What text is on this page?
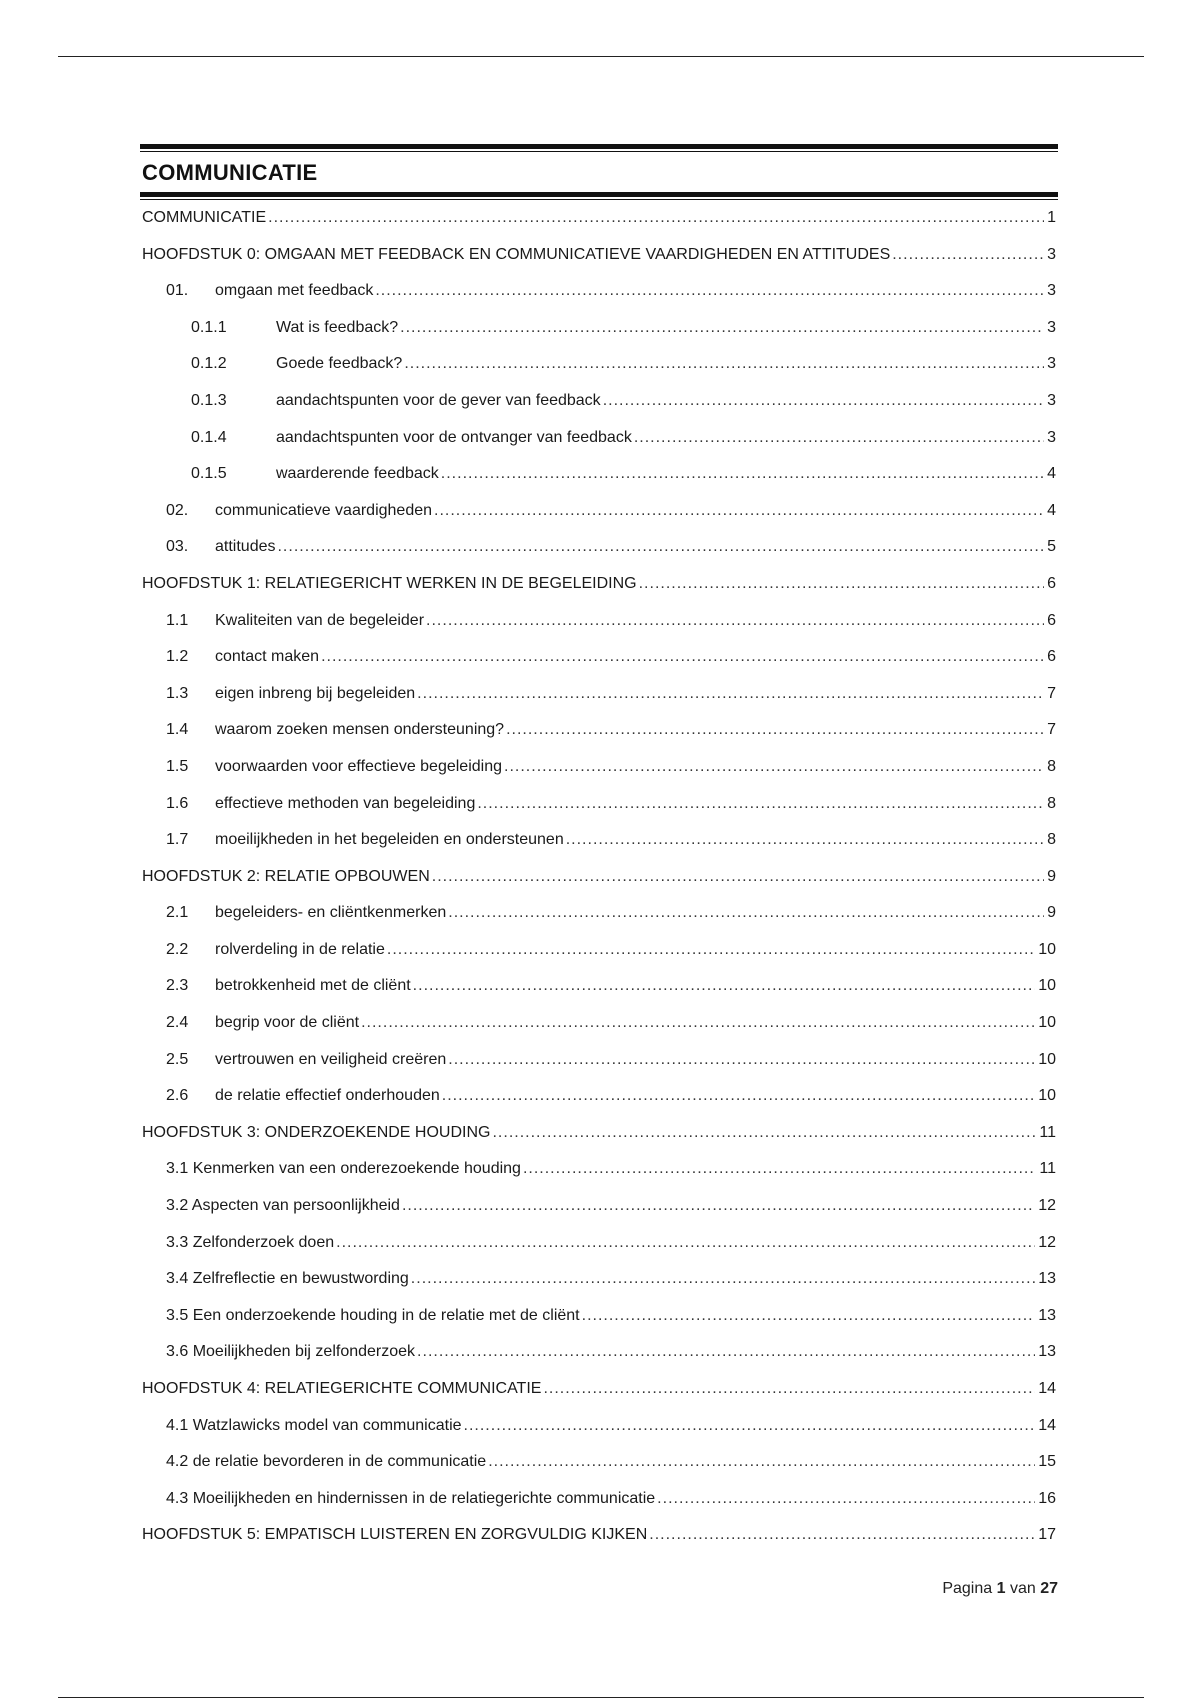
COMMUNICATIE
COMMUNICATIE .....	1
HOOFDSTUK 0: OMGAAN MET FEEDBACK EN COMMUNICATIEVE VAARDIGHEDEN EN ATTITUDES .....	3
01.	omgaan met feedback .....	3
0.1.1	Wat is feedback? .....	3
0.1.2	Goede feedback? .....	3
0.1.3	aandachtspunten voor de gever van feedback .....	3
0.1.4	aandachtspunten voor de ontvanger van feedback .....	3
0.1.5	waarderende feedback .....	4
02.	communicatieve vaardigheden .....	4
03.	attitudes .....	5
HOOFDSTUK 1: RELATIEGERICHT WERKEN IN DE BEGELEIDING .....	6
1.1	Kwaliteiten van de begeleider .....	6
1.2	contact maken .....	6
1.3	eigen inbreng bij begeleiden .....	7
1.4	waarom zoeken mensen ondersteuning? .....	7
1.5	voorwaarden voor effectieve begeleiding .....	8
1.6	effectieve methoden van begeleiding .....	8
1.7	moeilijkheden in het begeleiden en ondersteunen .....	8
HOOFDSTUK 2: RELATIE OPBOUWEN .....	9
2.1	begeleiders- en cliëntkenmerken .....	9
2.2	rolverdeling in de relatie .....	10
2.3	betrokkenheid met de cliënt .....	10
2.4	begrip voor de cliënt .....	10
2.5	vertrouwen en veiligheid creëren .....	10
2.6	de relatie effectief onderhouden .....	10
HOOFDSTUK 3: ONDERZOEKENDE HOUDING .....	11
3.1 Kenmerken van een onderezoekende houding .....	11
3.2 Aspecten van persoonlijkheid .....	12
3.3 Zelfonderzoek doen .....	12
3.4 Zelfreflectie en bewustwording .....	13
3.5 Een onderzoekende houding in de relatie met de cliënt .....	13
3.6 Moeilijkheden bij zelfonderzoek .....	13
HOOFDSTUK 4: RELATIEGERICHTE COMMUNICATIE .....	14
4.1 Watzlawicks model van communicatie .....	14
4.2 de relatie bevorderen in de communicatie .....	15
4.3 Moeilijkheden en hindernissen in de relatiegerichte communicatie .....	16
HOOFDSTUK 5: EMPATISCH LUISTEREN EN ZORGVULDIG KIJKEN .....	17
Pagina 1 van 27
